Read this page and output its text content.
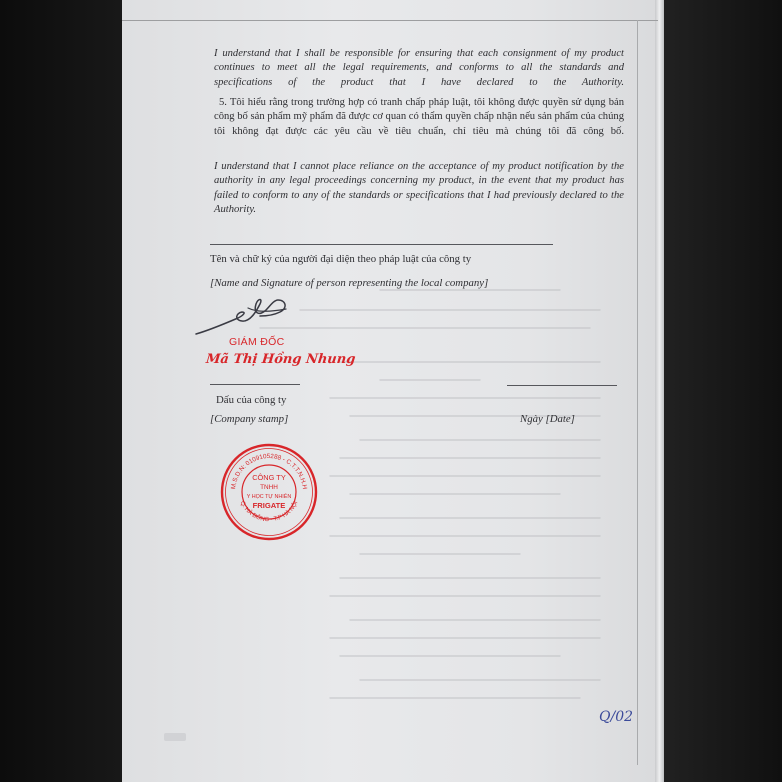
I understand that I shall be responsible for ensuring that each consignment of my product continues to meet all the legal requirements, and conforms to all the standards and specifications of the product that I have declared to the Authority.

5. Tôi hiểu rằng trong trường hợp có tranh chấp pháp luật, tôi không được quyền sử dụng bản công bố sản phẩm mỹ phẩm đã được cơ quan có thẩm quyền chấp nhận nếu sản phẩm của chúng tôi không đạt được các yêu cầu về tiêu chuẩn, chỉ tiêu mà chúng tôi đã công bố.

I understand that I cannot place reliance on the acceptance of my product notification by the authority in any legal proceedings concerning my product, in the event that my product has failed to conform to any of the standards or specifications that I had previously declared to the Authority.

Tên và chữ ký của người đại diện theo pháp luật của công ty
[Name and Signature of person representing the local company]
GIÁM ĐỐC
Mã Thị Hồng Nhung
Dấu của công ty
[Company stamp]	Ngày [Date]
M.S.D.N: 0109105288 - C.T.T.N.H.H
Q. HÀ ĐÔNG - T.P HÀ NỘI
CÔNG TY
TNHH
Y HỌC TỰ NHIÊN
FRIGATE
Q/02
